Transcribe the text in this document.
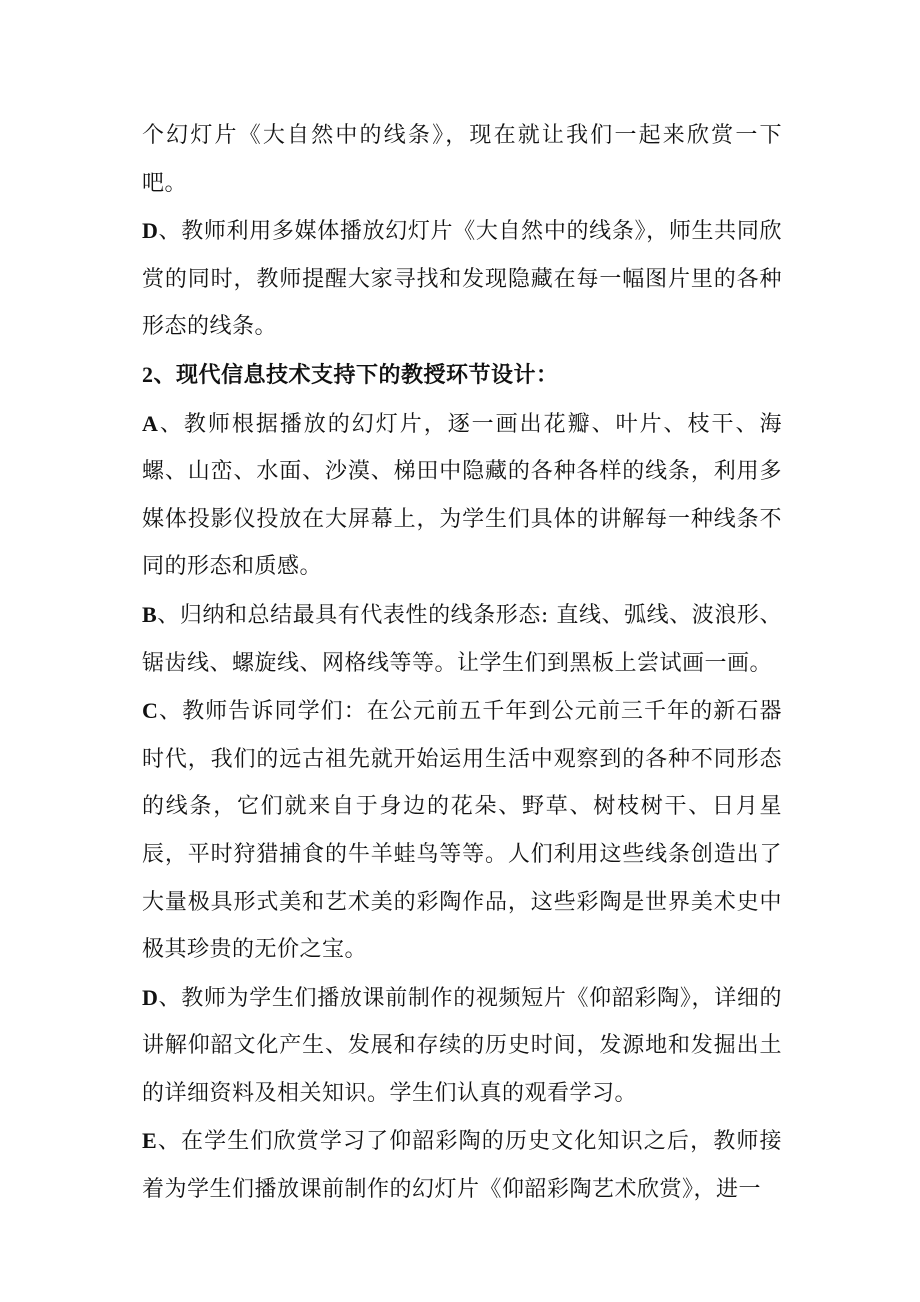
个幻灯片《大自然中的线条》，现在就让我们一起来欣赏一下吧。

D、教师利用多媒体播放幻灯片《大自然中的线条》，师生共同欣赏的同时，教师提醒大家寻找和发现隐藏在每一幅图片里的各种形态的线条。

2、现代信息技术支持下的教授环节设计：

A、教师根据播放的幻灯片，逐一画出花瓣、叶片、枝干、海螺、山峦、水面、沙漠、梯田中隐藏的各种各样的线条，利用多媒体投影仪投放在大屏幕上，为学生们具体的讲解每一种线条不同的形态和质感。

B、归纳和总结最具有代表性的线条形态: 直线、弧线、波浪形、锯齿线、螺旋线、网格线等等。让学生们到黑板上尝试画一画。

C、教师告诉同学们：在公元前五千年到公元前三千年的新石器时代，我们的远古祖先就开始运用生活中观察到的各种不同形态的线条，它们就来自于身边的花朵、野草、树枝树干、日月星辰，平时狩猎捕食的牛羊蛙鸟等等。人们利用这些线条创造出了大量极具形式美和艺术美的彩陶作品，这些彩陶是世界美术史中极其珍贵的无价之宝。

D、教师为学生们播放课前制作的视频短片《仰韶彩陶》，详细的讲解仰韶文化产生、发展和存续的历史时间，发源地和发掘出土的详细资料及相关知识。学生们认真的观看学习。

E、在学生们欣赏学习了仰韶彩陶的历史文化知识之后，教师接着为学生们播放课前制作的幻灯片《仰韶彩陶艺术欣赏》，进一
